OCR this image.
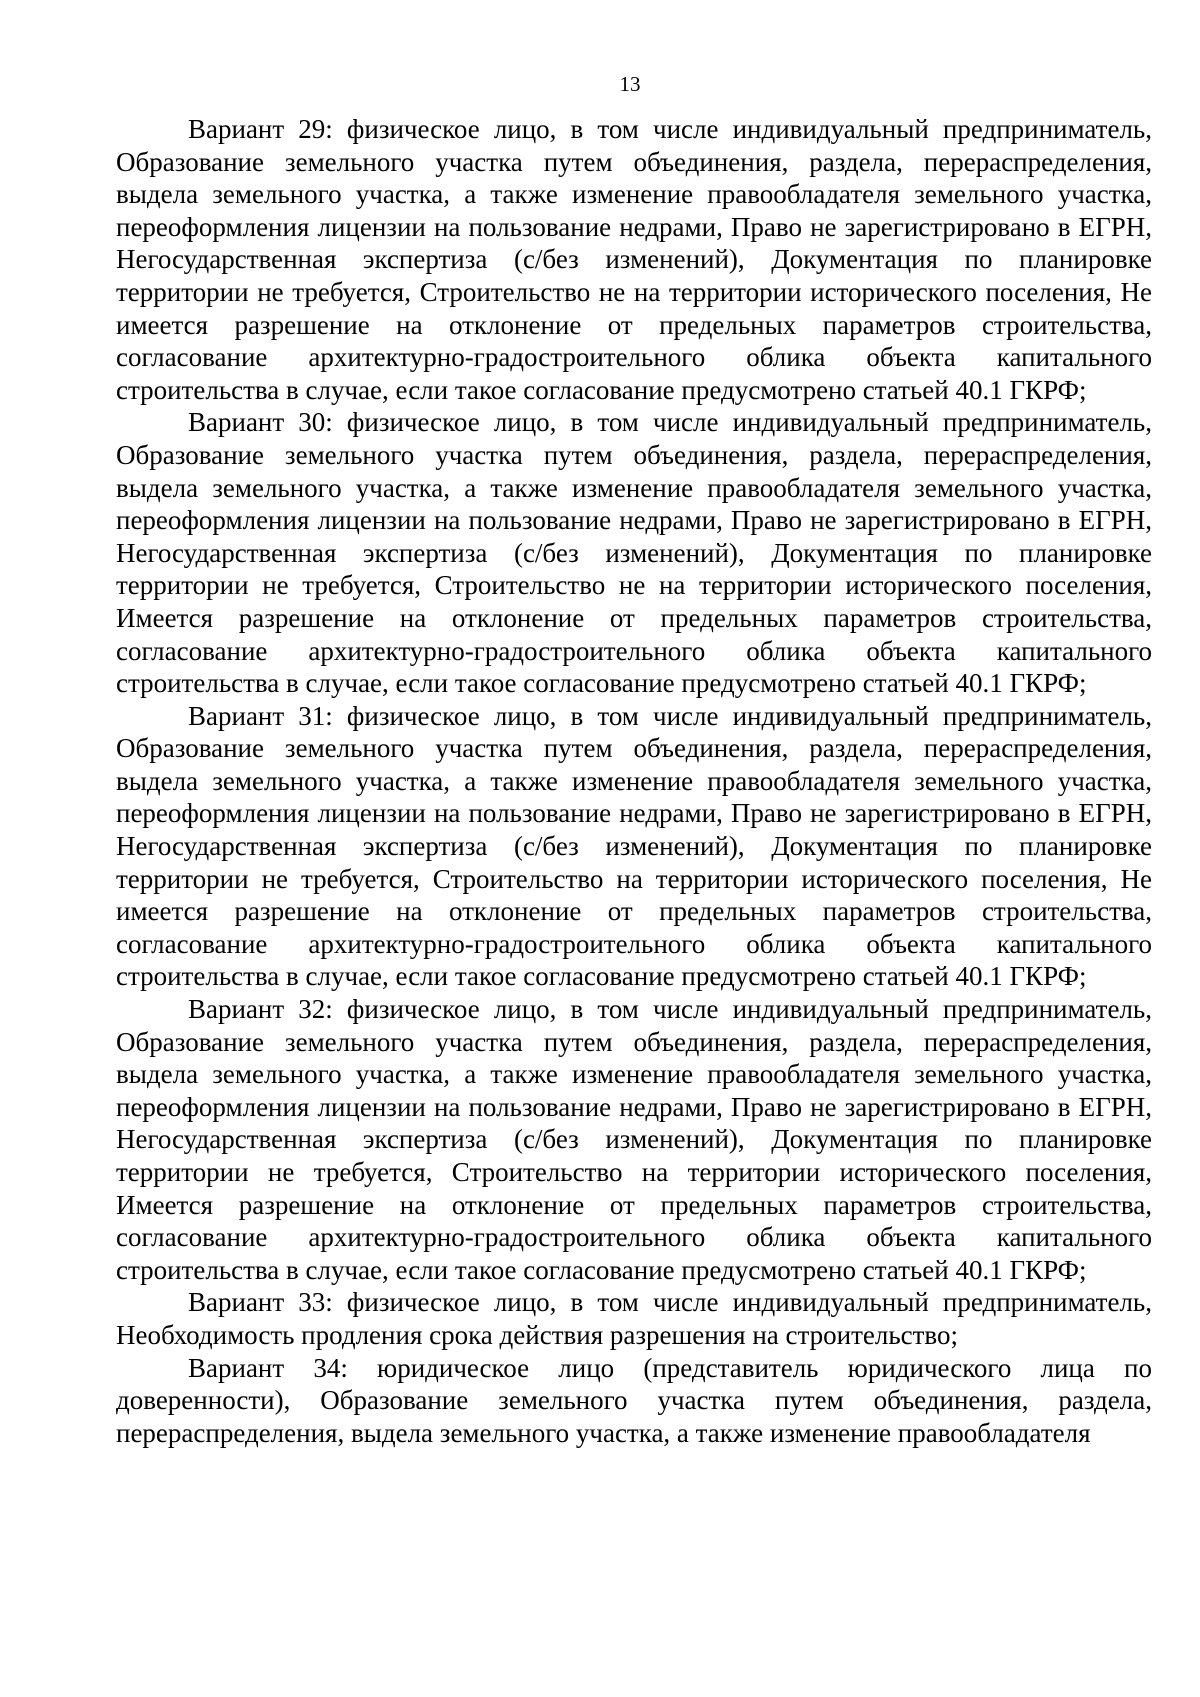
13

Вариант 29: физическое лицо, в том числе индивидуальный предприниматель, Образование земельного участка путем объединения, раздела, перераспределения, выдела земельного участка, а также изменение правообладателя земельного участка, переоформления лицензии на пользование недрами, Право не зарегистрировано в ЕГРН, Негосударственная экспертиза (с/без изменений), Документация по планировке территории не требуется, Строительство не на территории исторического поселения, Не имеется разрешение на отклонение от предельных параметров строительства, согласование архитектурно-градостроительного облика объекта капитального строительства в случае, если такое согласование предусмотрено статьей 40.1 ГКРФ;

Вариант 30: физическое лицо, в том числе индивидуальный предприниматель, Образование земельного участка путем объединения, раздела, перераспределения, выдела земельного участка, а также изменение правообладателя земельного участка, переоформления лицензии на пользование недрами, Право не зарегистрировано в ЕГРН, Негосударственная экспертиза (с/без изменений), Документация по планировке территории не требуется, Строительство не на территории исторического поселения, Имеется разрешение на отклонение от предельных параметров строительства, согласование архитектурно-градостроительного облика объекта капитального строительства в случае, если такое согласование предусмотрено статьей 40.1 ГКРФ;

Вариант 31: физическое лицо, в том числе индивидуальный предприниматель, Образование земельного участка путем объединения, раздела, перераспределения, выдела земельного участка, а также изменение правообладателя земельного участка, переоформления лицензии на пользование недрами, Право не зарегистрировано в ЕГРН, Негосударственная экспертиза (с/без изменений), Документация по планировке территории не требуется, Строительство на территории исторического поселения, Не имеется разрешение на отклонение от предельных параметров строительства, согласование архитектурно-градостроительного облика объекта капитального строительства в случае, если такое согласование предусмотрено статьей 40.1 ГКРФ;

Вариант 32: физическое лицо, в том числе индивидуальный предприниматель, Образование земельного участка путем объединения, раздела, перераспределения, выдела земельного участка, а также изменение правообладателя земельного участка, переоформления лицензии на пользование недрами, Право не зарегистрировано в ЕГРН, Негосударственная экспертиза (с/без изменений), Документация по планировке территории не требуется, Строительство на территории исторического поселения, Имеется разрешение на отклонение от предельных параметров строительства, согласование архитектурно-градостроительного облика объекта капитального строительства в случае, если такое согласование предусмотрено статьей 40.1 ГКРФ;

Вариант 33: физическое лицо, в том числе индивидуальный предприниматель, Необходимость продления срока действия разрешения на строительство;

Вариант 34: юридическое лицо (представитель юридического лица по доверенности), Образование земельного участка путем объединения, раздела, перераспределения, выдела земельного участка, а также изменение правообладателя
